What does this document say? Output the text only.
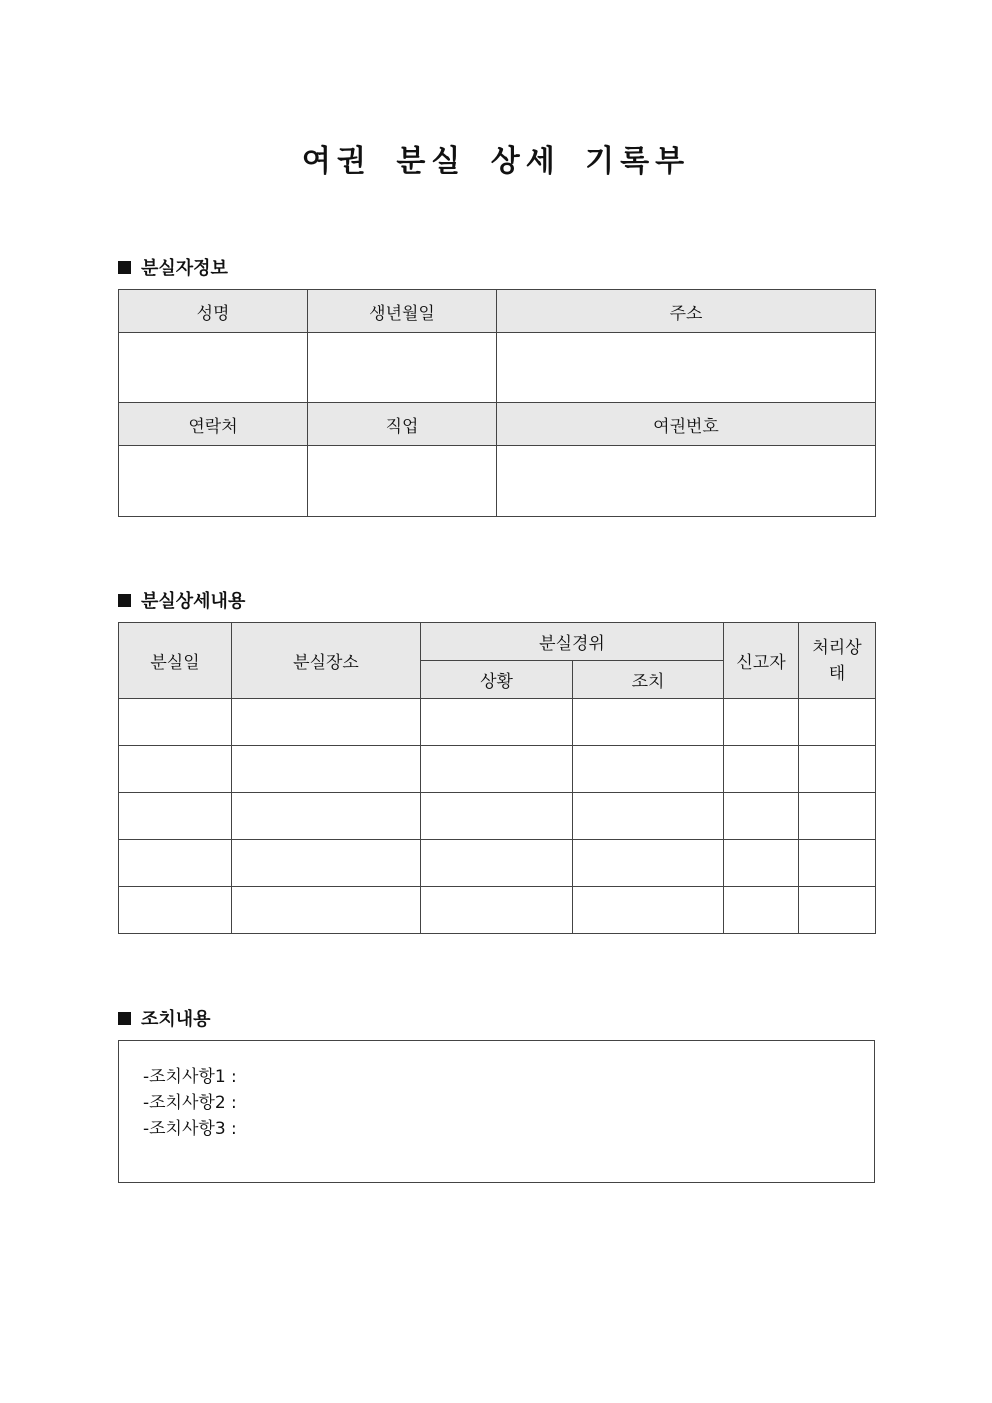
여권 분실 상세 기록부
분실자정보
성명	생년월일	주소

연락처	직업	여권번호

분실상세내용
분실일	분실장소	분실경위		신고자	처리상태
		상황	조치		

조치내용
-조치사항1 :
-조치사항2 :
-조치사항3 :
